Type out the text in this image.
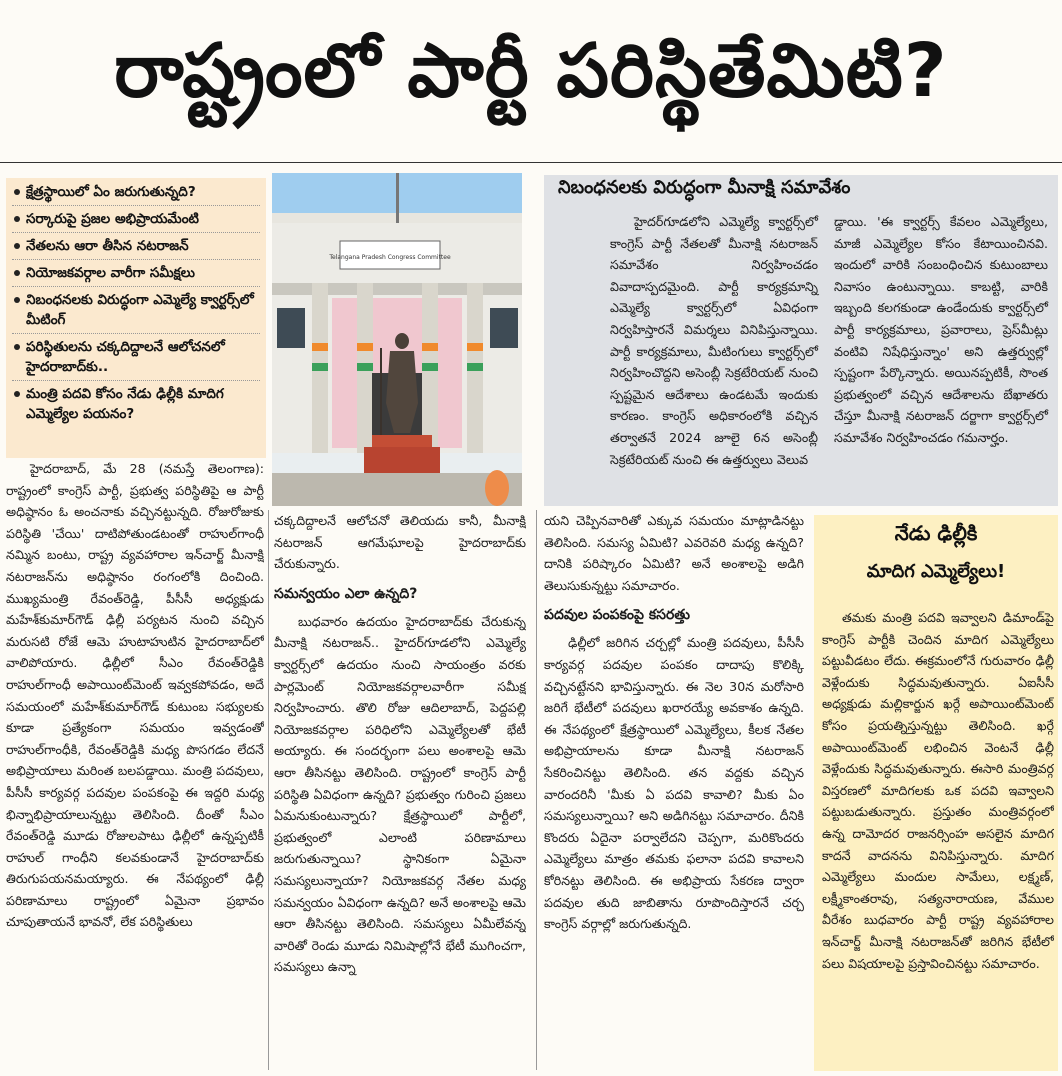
రాష్ట్రంలో పార్టీ పరిస్థితేమిటి?
క్షేత్రస్థాయిలో ఏం జరుగుతున్నది?
సర్కారుపై ప్రజల అభిప్రాయమేంటి
నేతలను ఆరా తీసిన నటరాజన్
నియోజకవర్గాల వారీగా సమీక్షలు
నిబంధనలకు విరుద్ధంగా ఎమ్మెల్యే క్వార్టర్స్‌లో మీటింగ్
పరిస్థితులను చక్కదిద్దాలనే ఆలోచనలో హైదరాబాద్‌కు..
మంత్రి పదవి కోసం నేడు ఢిల్లీకి మాదిగ ఎమ్మెల్యేల పయనం?
Telangana Pradesh Congress Committee
నిబంధనలకు విరుద్ధంగా మీనాక్షి సమావేశం

హైదర్‌గూడలోని ఎమ్మెల్యే క్వార్టర్స్‌లో కాంగ్రెస్ పార్టీ నేతలతో మీనాక్షి నటరాజన్ సమావేశం నిర్వహించడం వివాదాస్పదమైంది. పార్టీ కార్యక్రమాన్ని ఎమ్మెల్యే క్వార్టర్స్‌లో ఏవిధంగా నిర్వహిస్తారనే విమర్శలు వినిపిస్తున్నాయి. పార్టీ కార్యక్రమాలు, మీటింగులు క్వార్టర్స్‌లో నిర్వహించొద్దని అసెంబ్లీ సెక్రటేరియట్ నుంచి స్పష్టమైన ఆదేశాలు ఉండటమే ఇందుకు కారణం. కాంగ్రెస్ అధికారంలోకి వచ్చిన తర్వాతనే 2024 జూలై 6న అసెంబ్లీ సెక్రటేరియట్ నుంచి ఈ ఉత్తర్వులు వెలువ

డ్డాయి. 'ఈ క్వార్టర్స్ కేవలం ఎమ్మెల్యేలు, మాజీ ఎమ్మెల్యేల కోసం కేటాయించినవి. ఇందులో వారికి సంబంధించిన కుటుంబాలు నివాసం ఉంటున్నాయి. కాబట్టి, వారికి ఇబ్బంది కలగకుండా ఉండేందుకు క్వార్టర్స్‌లో పార్టీ కార్యక్రమాలు, ప్రవారాలు, ప్రెస్‌మీట్లు వంటివి నిషేధిస్తున్నాం' అని ఉత్తర్వుల్లో స్పష్టంగా పేర్కొన్నారు. అయినప్పటికీ, సొంత ప్రభుత్వంలో వచ్చిన ఆదేశాలను బేఖాతరు చేస్తూ మీనాక్షి నటరాజన్ దర్జాగా క్వార్టర్స్‌లో సమావేశం నిర్వహించడం గమనార్హం.

హైదరాబాద్, మే 28 (నమస్తే తెలంగాణ): రాష్ట్రంలో కాంగ్రెస్ పార్టీ, ప్రభుత్వ పరిస్థితిపై ఆ పార్టీ అధిష్ఠానం ఓ అంచనాకు వచ్చినట్టున్నది. రోజురోజుకు పరిస్థితి 'చేయి' దాటిపోతుండటంతో రాహుల్‌గాంధీ నమ్మిన బంటు, రాష్ట్ర వ్యవహారాల ఇన్‌చార్జ్ మీనాక్షి నటరాజన్‌ను అధిష్ఠానం రంగంలోకి దించింది. ముఖ్యమంత్రి రేవంత్‌రెడ్డి, పీసీసీ అధ్యక్షుడు మహేశ్‌కుమార్‌గౌడ్ ఢిల్లీ పర్యటన నుంచి వచ్చిన మరుసటి రోజే ఆమె హుటాహుటిన హైదరాబాద్‌లో వాలిపోయారు. ఢిల్లీలో సీఎం రేవంత్‌రెడ్డికి రాహుల్‌గాంధీ అపాయింట్‌మెంట్ ఇవ్వకపోవడం, అదే సమయంలో మహేశ్‌కుమార్‌గౌడ్ కుటుంబ సభ్యులకు కూడా ప్రత్యేకంగా సమయం ఇవ్వడంతో రాహుల్‌గాంధీకి, రేవంత్‌రెడ్డికి మధ్య పొసగడం లేదనే అభిప్రాయాలు మరింత బలపడ్డాయి. మంత్రి పదవులు, పీసీసీ కార్యవర్గ పదవుల పంపకంపై ఈ ఇద్దరి మధ్య భిన్నాభిప్రాయాలున్నట్టు తెలిసింది. దీంతో సీఎం రేవంత్‌రెడ్డి మూడు రోజులపాటు ఢిల్లీలో ఉన్నప్పటికీ రాహుల్ గాంధీని కలవకుండానే హైదరాబాద్‌కు తిరుగుపయనమయ్యారు. ఈ నేపథ్యంలో ఢిల్లీ పరిణామాలు రాష్ట్రంలో ఏమైనా ప్రభావం చూపుతాయనే భావనో, లేక పరిస్థితులు

చక్కదిద్దాలనే ఆలోచనో తెలియదు కానీ, మీనాక్షి నటరాజన్ ఆగమేఘాలపై హైదరాబాద్‌కు చేరుకున్నారు.

సమన్వయం ఎలా ఉన్నది?

బుధవారం ఉదయం హైదరాబాద్‌కు చేరుకున్న మీనాక్షి నటరాజన్.. హైదర్‌గూడలోని ఎమ్మెల్యే క్వార్టర్స్‌లో ఉదయం నుంచి సాయంత్రం వరకు పార్లమెంట్ నియోజకవర్గాలవారీగా సమీక్ష నిర్వహించారు. తొలి రోజు ఆదిలాబాద్, పెద్దపల్లి నియోజకవర్గాల పరిధిలోని ఎమ్మెల్యేలతో భేటీ అయ్యారు. ఈ సందర్భంగా పలు అంశాలపై ఆమె ఆరా తీసినట్టు తెలిసింది. రాష్ట్రంలో కాంగ్రెస్ పార్టీ పరిస్థితి ఏవిధంగా ఉన్నది? ప్రభుత్వం గురించి ప్రజలు ఏమనుకుంటున్నారు? క్షేత్రస్థాయిలో పార్టీలో, ప్రభుత్వంలో ఎలాంటి పరిణామాలు జరుగుతున్నాయి? స్థానికంగా ఏమైనా సమస్యలున్నాయా? నియోజకవర్గ నేతల మధ్య సమన్వయం ఏవిధంగా ఉన్నది? అనే అంశాలపై ఆమె ఆరా తీసినట్టు తెలిసింది. సమస్యలు ఏమీలేవన్న వారితో రెండు మూడు నిమిషాల్లోనే భేటీ ముగించగా, సమస్యలు ఉన్నా

యని చెప్పినవారితో ఎక్కువ సమయం మాట్లాడినట్టు తెలిసింది. సమస్య ఏమిటి? ఎవరెవరి మధ్య ఉన్నది? దానికి పరిష్కారం ఏమిటి? అనే అంశాలపై అడిగి తెలుసుకున్నట్టు సమాచారం.

పదవుల పంపకంపై కసరత్తు

ఢిల్లీలో జరిగిన చర్చల్లో మంత్రి పదవులు, పీసీసీ కార్యవర్గ పదవుల పంపకం దాదాపు కొలిక్కి వచ్చినట్టేనని భావిస్తున్నారు. ఈ నెల 30న మరోసారి జరిగే భేటీలో పదవులు ఖరారయ్యే అవకాశం ఉన్నది. ఈ నేపథ్యంలో క్షేత్రస్థాయిలో ఎమ్మెల్యేలు, కీలక నేతల అభిప్రాయాలను కూడా మీనాక్షి నటరాజన్ సేకరించినట్టు తెలిసింది. తన వద్దకు వచ్చిన వారందరినీ 'మీకు ఏ పదవి కావాలి? మీకు ఏం సమస్యలున్నాయి? అని అడిగినట్టు సమాచారం. దీనికి కొందరు ఏదైనా పర్వాలేదని చెప్పగా, మరికొందరు ఎమ్మెల్యేలు మాత్రం తమకు ఫలానా పదవి కావాలని కోరినట్టు తెలిసింది. ఈ అభిప్రాయ సేకరణ ద్వారా పదవుల తుది జాబితాను రూపొందిస్తారనే చర్చ కాంగ్రెస్ వర్గాల్లో జరుగుతున్నది.

నేడు ఢిల్లీకి
మాదిగ ఎమ్మెల్యేలు!

తమకు మంత్రి పదవి ఇవ్వాలని డిమాండ్‌పై కాంగ్రెస్ పార్టీకి చెందిన మాదిగ ఎమ్మెల్యేలు పట్టువీడటం లేదు. ఈక్రమంలోనే గురువారం ఢిల్లీ వెళ్లేందుకు సిద్ధమవుతున్నారు. ఏఐసీసీ అధ్యక్షుడు మల్లికార్జున ఖర్గే అపాయింట్‌మెంట్ కోసం ప్రయత్నిస్తున్నట్టు తెలిసింది. ఖర్గే అపాయింట్‌మెంట్ లభించిన వెంటనే ఢిల్లీ వెళ్లేందుకు సిద్ధమవుతున్నారు. ఈసారి మంత్రివర్గ విస్తరణలో మాదిగలకు ఒక పదవి ఇవ్వాలని పట్టుబడుతున్నారు. ప్రస్తుతం మంత్రివర్గంలో ఉన్న దామోదర రాజనర్సింహ అసలైన మాదిగ కాదనే వాదనను వినిపిస్తున్నారు. మాదిగ ఎమ్మెల్యేలు మందుల సామేలు, లక్ష్మణ్, లక్ష్మీకాంతరావు, సత్యనారాయణ, వేముల వీరేశం బుధవారం పార్టీ రాష్ట్ర వ్యవహారాల ఇన్‌చార్జ్ మీనాక్షి నటరాజన్‌తో జరిగిన భేటీలో పలు విషయాలపై ప్రస్తావించినట్టు సమాచారం.
